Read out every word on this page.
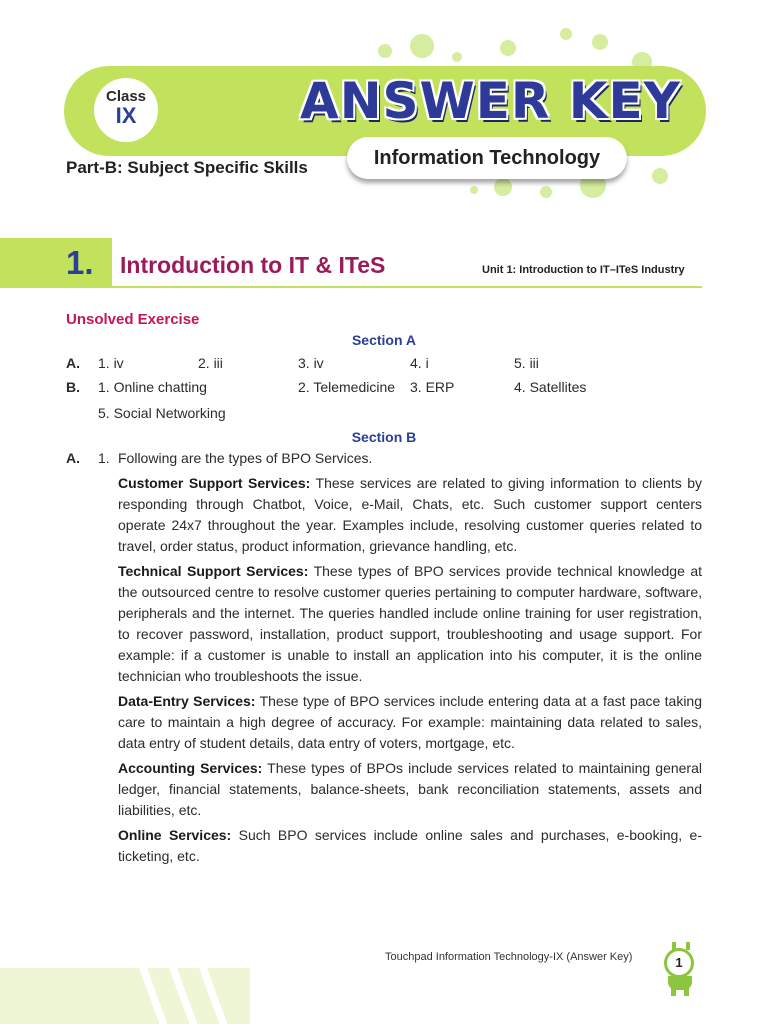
Class
IX	ANSWER KEY
Information Technology
Part-B: Subject Specific Skills
1. Introduction to IT & ITeS	Unit 1: Introduction to IT–ITeS Industry
Unsolved Exercise
Section A
A. 1. iv	2. iii	3. iv	4. i	5. iii
B. 1. Online chatting	2. Telemedicine 3. ERP	4. Satellites
5. Social Networking
Section B
A. 1. Following are the types of BPO Services.
Customer Support Services: These services are related to giving information to clients by responding through Chatbot, Voice, e-Mail, Chats, etc. Such customer support centers operate 24x7 throughout the year. Examples include, resolving customer queries related to travel, order status, product information, grievance handling, etc.
Technical Support Services: These types of BPO services provide technical knowledge at the outsourced centre to resolve customer queries pertaining to computer hardware, software, peripherals and the internet. The queries handled include online training for user registration, to recover password, installation, product support, troubleshooting and usage support. For example: if a customer is unable to install an application into his computer, it is the online technician who troubleshoots the issue.
Data-Entry Services: These type of BPO services include entering data at a fast pace taking care to maintain a high degree of accuracy. For example: maintaining data related to sales, data entry of student details, data entry of voters, mortgage, etc.
Accounting Services: These types of BPOs include services related to maintaining general ledger, financial statements, balance-sheets, bank reconciliation statements, assets and liabilities, etc.
Online Services: Such BPO services include online sales and purchases, e-booking, e-ticketing, etc.
Touchpad Information Technology-IX (Answer Key)	1
